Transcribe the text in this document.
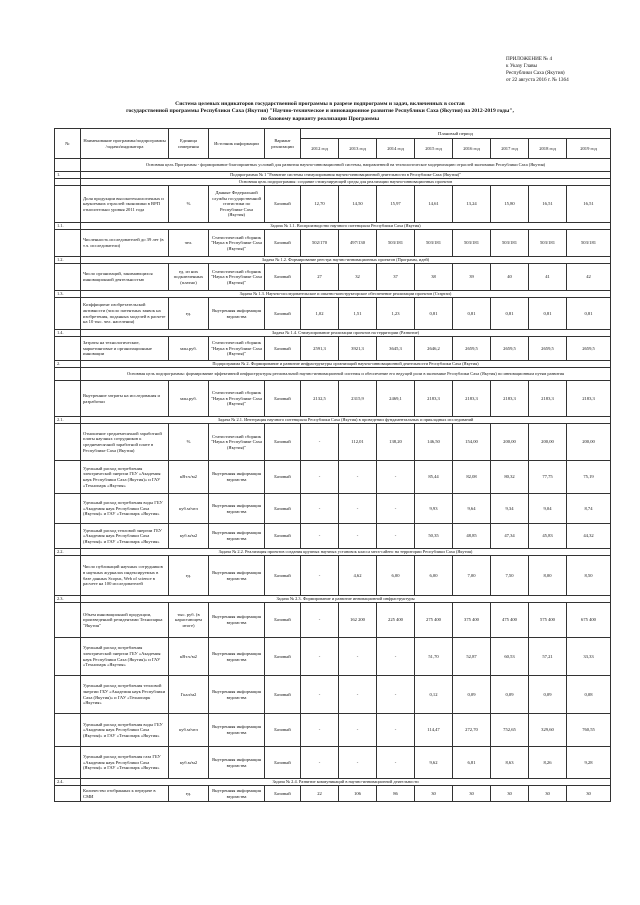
ПРИЛОЖЕНИЕ № 4
к Указу Главы
Республики Саха (Якутия)
от 22 августа 2016 г. № 1364
Система целевых индикаторов государственной программы в разрезе подпрограмм и задач, включенных в состав
государственной программы Республики Саха (Якутия) "Научно-техническое и инновационное развитие Республики Саха (Якутия) на 2012-2019 годы",
по базовому варианту реализации Программы
№	Наименование программы/подпрограммы /задачи/индикатора	Единица измерения	Источник информации	Вариант реализации	Плановый период							
					2012 год	2013 год	2014 год	2015 год	2016 год	2017 год	2018 год	2019 год
	Основная цель Программы - формирование благоприятных условий для развития научно-инновационной системы, направленной на технологическое модернизацию отраслей экономики Республики Саха (Якутия)											
1.	Подпрограмма № 1 "Развитие системы стимулирования научно-инновационной деятельности в Республике Саха (Якутия)"											
	Основная цель подпрограммы: создание стимулирующей среды для реализации научно-инновационных проектов											
	Доля продукции высокотехнологичных и наукоемких отраслей экономики в ВРП относительно уровня 2011 года	%	Данные Федеральной службы государственной статистики по Республике Саха (Якутия)	Базовый	12,70	14,50	15,97	14,61	13,24	15,80	16,51	16,51
1.1.	Задача № 1.1. Воспроизводство научного потенциала Республики Саха (Якутия)											
	Численность исследователей до 39 лет (в т.ч. исследователи)	чел.	Статистический сборник "Наука в Республике Саха (Якутия)"	Базовый	502/170	497/130	503/181	503/181	503/181	503/181	503/181	503/181
1.2.	Задача № 1.2. Формирование реестра научно-инновационных проектов (Программ, идей)											
	Число организаций, занимающихся инновационной деятельностью	ед. из них подключенных (платно)	Статистический сборник "Наука в Республике Саха (Якутия)"	Базовый	27	32	37	38	39	40	41	42
1.3.	Задача № 1.3. Научно-исследовательское и опытно-конструкторское обеспечение реализации проектов (Стартап)											
	Коэффициент изобретательской активности (число патентных заявок на изобретения, поданных моделей в расчете на 10 тыс. чел. населения)	ед.	Внутренняя информация ведомства	Базовый	1,02	1,51	1,23	0,81	0,81	0,81	0,81	0,81
1.4.	Задача № 1.4. Стимулирование реализации проектов на территории (Развитие)											
	Затраты на технологические, маркетинговые и организационные инновации	млн.руб.	Статистический сборник "Наука в Республике Саха (Якутия)"	Базовый	2591,3	3921,3	3645,3	2646,2	2659,5	2659,5	2659,5	2659,5
2.	Подпрограмма № 2. Формирование и развитие инфраструктуры организаций научно-инновационной деятельности Республики Саха (Якутия)											
	Основная цель подпрограммы: формирование эффективной инфраструктуры региональной научно-инновационной системы и обеспечение его ведущей роли в экономике Республики Саха (Якутия) по инновационным путям развития											
	Внутренние затраты на исследования и разработки	млн.руб.	Статистический сборник "Наука в Республике Саха (Якутия)"	Базовый	2132,5	2315,9	2469,1	2183,3	2183,3	2183,3	2183,3	2183,3
2.1.	Задача № 2.1. Интеграция научного потенциала Республики Саха (Якутия) в проведении фундаментальных и прикладных исследований											
	Отношение среднемесячной заработной платы научных сотрудников к среднемесячной заработной плате в Республике Саха (Якутия)	%	Статистический сборник "Наука в Республике Саха (Якутия)"	Базовый	-	112,01	138,20	146,50	154,00	200,00	200,00	200,00
	Удельный расход потребления электрической энергии ГБУ «Академия наук Республики Саха (Якутия)» и ГАУ «Технопарк «Якутия»	кВт.ч/м2	Внутренняя информация ведомства	Базовый	-	-	-	85,44	82,08	80,32	77,75	75,19
	Удельный расход потребления воды ГБУ «Академия наук Республики Саха (Якутия)» и ГАУ «Технопарк «Якутия»	куб.м/чел	Внутренняя информация ведомства	Базовый	-	-	-	9,93	9,64	9,34	9,04	8,74
	Удельный расход тепловой энергии ГБУ «Академия наук Республики Саха (Якутия)» и ГАУ «Технопарк «Якутия»	куб.м/м2	Внутренняя информация ведомства	Базовый	-	-	-	50,35	48,85	47,34	45,83	44,32
2.2.	Задача № 2.2. Реализация проектов создания крупных научных установок класса мега-сайенс на территории Республики Саха (Якутия)											
	Число публикаций научных сотрудников в научных журналах индексируемых в базе данных Scopus, Web of science в расчете на 100 исследователей	ед.	Внутренняя информация ведомства	Базовый	-	4,62	6,00	6,00	7,00	7,50	8,00	8,50
2.3.	Задача № 2.3. Формирование и развитие инновационной инфраструктуры											
	Объем инновационной продукции, произведенной резидентами Технопарка "Якутия"	тыс. руб. (в нарастающем итоге)	Внутренняя информация ведомства	Базовый	-	162 200	225 400	275 400	375 400	475 400	575 400	675 400
	Удельный расход потребления электрической энергии ГБУ «Академия наук Республики Саха (Якутия)» и ГАУ «Технопарк «Якутия»	кВт.ч/м2	Внутренняя информация ведомства	Базовый	-	-	-	51,70	52,87	60,53	57,21	33,33
	Удельный расход потребления тепловой энергии ГБУ «Академия наук Республики Саха (Якутия)» и ГАУ «Технопарк «Якутия»	Гкал/м2	Внутренняя информация ведомства	Базовый	-	-	-	0,12	0,09	0,09	0,09	0,08
	Удельный расход потребления воды ГБУ «Академия наук Республики Саха (Якутия)» и ГАУ «Технопарк «Якутия»	куб.м/чел	Внутренняя информация ведомства	Базовый	-	-	-	114,47	272,70	752,65	329,60	760,55
	Удельный расход потребления газа ГБУ «Академия наук Республики Саха (Якутия)» и ГАУ «Технопарк «Якутия»	куб.м/м2	Внутренняя информация ведомства	Базовый	-	-	-	9,62	6,81	8,63	8,26	9,28
2.4.	Задача № 2.4. Развитие коммуникаций в научно-инновационной деятельности											
	Количество отобранных к передаче в СМИ	ед.	Внутренняя информация ведомства	Базовый	22	106	86	30	30	30	30	30
